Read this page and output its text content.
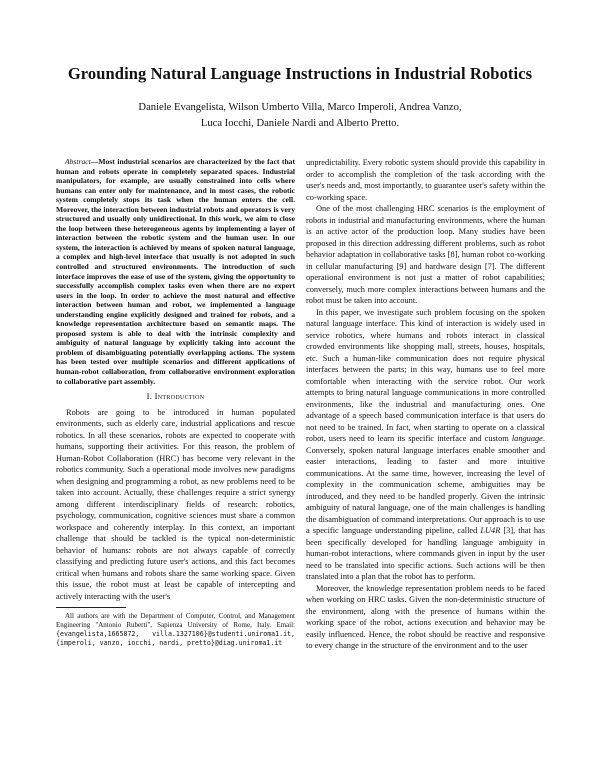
Grounding Natural Language Instructions in Industrial Robotics
Daniele Evangelista, Wilson Umberto Villa, Marco Imperoli, Andrea Vanzo,
Luca Iocchi, Daniele Nardi and Alberto Pretto.

Abstract—Most industrial scenarios are characterized by the fact that human and robots operate in completely separated spaces. Industrial manipulators, for example, are usually constrained into cells where humans can enter only for maintenance, and in most cases, the robotic system completely stops its task when the human enters the cell. Moreover, the interaction between industrial robots and operators is very structured and usually only unidirectional. In this work, we aim to close the loop between these heterogeneous agents by implementing a layer of interaction between the robotic system and the human user. In our system, the interaction is achieved by means of spoken natural language, a complex and high-level interface that usually is not adopted in such controlled and structured environments. The introduction of such interface improves the ease of use of the system, giving the opportunity to successfully accomplish complex tasks even when there are no expert users in the loop. In order to achieve the most natural and effective interaction between human and robot, we implemented a language understanding engine explicitly designed and trained for robots, and a knowledge representation architecture based on semantic maps. The proposed system is able to deal with the intrinsic complexity and ambiguity of natural language by explicitly taking into account the problem of disambiguating potentially overlapping actions. The system has been tested over multiple scenarios and different applications of human-robot collaboration, from collaborative environment exploration to collaborative part assembly.

I. Introduction

Robots are going to be introduced in human populated environments, such as elderly care, industrial applications and rescue robotics. In all these scenarios, robots are expected to cooperate with humans, supporting their activities. For this reason, the problem of Human-Robot Collaboration (HRC) has become very relevant in the robotics community. Such a operational mode involves new paradigms when designing and programming a robot, as new problems need to be taken into account. Actually, these challenges require a strict synergy among different interdisciplinary fields of research: robotics, psychology, communication, cognitive sciences must share a common workspace and coherently interplay. In this context, an important challenge that should be tackled is the typical non-deterministic behavior of humans: robots are not always capable of correctly classifying and predicting future user's actions, and this fact becomes critical when humans and robots share the same working space. Given this issue, the robot must at least be capable of intercepting and actively interacting with the user's

All authors are with the Department of Computer, Control, and Management Engineering "Antonio Ruberti", Sapienza University of Rome, Italy. Email: {evangelista,1665872, villa.1327106}@studenti.uniroma1.it, {imperoli, vanzo, iocchi, nardi, pretto}@diag.uniroma1.it

unpredictability. Every robotic system should provide this capability in order to accomplish the completion of the task according with the user's needs and, most importantly, to guarantee user's safety within the co-working space.

One of the most challenging HRC scenarios is the employment of robots in industrial and manufacturing environments, where the human is an active actor of the production loop. Many studies have been proposed in this direction addressing different problems, such as robot behavior adaptation in collaborative tasks [8], human robot co-working in cellular manufacturing [9] and hardware design [7]. The different operational environment is not just a matter of robot capabilities; conversely, much more complex interactions between humans and the robot must be taken into account.

In this paper, we investigate such problem focusing on the spoken natural language interface. This kind of interaction is widely used in service robotics, where humans and robots interact in classical crowded environments like shopping mall, streets, houses, hospitals, etc. Such a human-like communication does not require physical interfaces between the parts; in this way, humans use to feel more comfortable when interacting with the service robot. Our work attempts to bring natural language communications in more controlled environments, like the industrial and manufacturing ones. One advantage of a speech based communication interface is that users do not need to be trained. In fact, when starting to operate on a classical robot, users need to learn its specific interface and custom language. Conversely, spoken natural language interfaces enable smoother and easier interactions, leading to faster and more intuitive communications. At the same time, however, increasing the level of complexity in the communication scheme, ambiguities may be introduced, and they need to be handled properly. Given the intrinsic ambiguity of natural language, one of the main challenges is handling the disambiguation of command interpretations. Our approach is to use a specific language understanding pipeline, called LU4R [3], that has been specifically developed for handling language ambiguity in human-robot interactions, where commands given in input by the user need to be translated into specific actions. Such actions will be then translated into a plan that the robot has to perform.

Moreover, the knowledge representation problem needs to be faced when working on HRC tasks. Given the non-deterministic structure of the environment, along with the presence of humans within the working space of the robot, actions execution and behavior may be easily influenced. Hence, the robot should be reactive and responsive to every change in the structure of the environment and to the user
